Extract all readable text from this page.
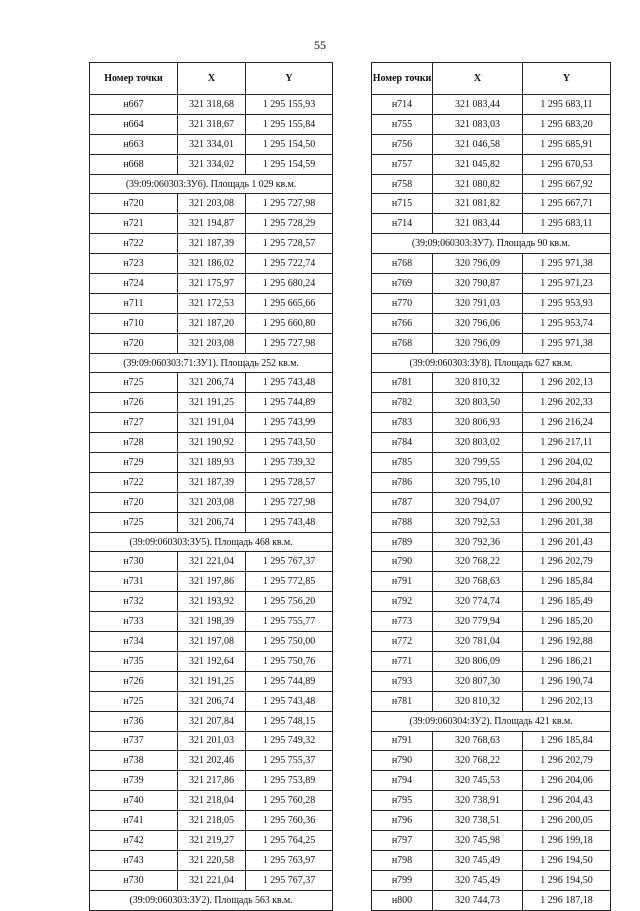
55
Номер точки	X	Y
н667	321 318,68	1 295 155,93
н664	321 318,67	1 295 155,84
н663	321 334,01	1 295 154,50
н668	321 334,02	1 295 154,59
(39:09:060303:ЗУ6). Площадь 1 029 кв.м.		
н720	321 203,08	1 295 727,98
н721	321 194,87	1 295 728,29
н722	321 187,39	1 295 728,57
н723	321 186,02	1 295 722,74
н724	321 175,97	1 295 680,24
н711	321 172,53	1 295 665,66
н710	321 187,20	1 295 660,80
н720	321 203,08	1 295 727,98
(39:09:060303:71:ЗУ1). Площадь 252 кв.м.		
н725	321 206,74	1 295 743,48
н726	321 191,25	1 295 744,89
н727	321 191,04	1 295 743,99
н728	321 190,92	1 295 743,50
н729	321 189,93	1 295 739,32
н722	321 187,39	1 295 728,57
н720	321 203,08	1 295 727,98
н725	321 206,74	1 295 743,48
(39:09:060303:ЗУ5). Площадь 468 кв.м.		
н730	321 221,04	1 295 767,37
н731	321 197,86	1 295 772,85
н732	321 193,92	1 295 756,20
н733	321 198,39	1 295 755,77
н734	321 197,08	1 295 750,00
н735	321 192,64	1 295 750,76
н726	321 191,25	1 295 744,89
н725	321 206,74	1 295 743,48
н736	321 207,84	1 295 748,15
н737	321 201,03	1 295 749,32
н738	321 202,46	1 295 755,37
н739	321 217,86	1 295 753,89
н740	321 218,04	1 295 760,28
н741	321 218,05	1 295 760,36
н742	321 219,27	1 295 764,25
н743	321 220,58	1 295 763,97
н730	321 221,04	1 295 767,37
(39:09:060303:ЗУ2). Площадь 563 кв.м.		
Номер точки	X	Y
н714	321 083,44	1 295 683,11
н755	321 083,03	1 295 683,20
н756	321 046,58	1 295 685,91
н757	321 045,82	1 295 670,53
н758	321 080,82	1 295 667,92
н715	321 081,82	1 295 667,71
н714	321 083,44	1 295 683,11
(39:09:060303:ЗУ7). Площадь 90 кв.м.		
н768	320 796,09	1 295 971,38
н769	320 790,87	1 295 971,23
н770	320 791,03	1 295 953,93
н766	320 796,06	1 295 953,74
н768	320 796,09	1 295 971,38
(39:09:060303:ЗУ8). Площадь 627 кв.м.		
н781	320 810,32	1 296 202,13
н782	320 803,50	1 296 202,33
н783	320 806,93	1 296 216,24
н784	320 803,02	1 296 217,11
н785	320 799,55	1 296 204,02
н786	320 795,10	1 296 204,81
н787	320 794,07	1 296 200,92
н788	320 792,53	1 296 201,38
н789	320 792,36	1 296 201,43
н790	320 768,22	1 296 202,79
н791	320 768,63	1 296 185,84
н792	320 774,74	1 296 185,49
н773	320 779,94	1 296 185,20
н772	320 781,04	1 296 192,88
н771	320 806,09	1 296 186,21
н793	320 807,30	1 296 190,74
н781	320 810,32	1 296 202,13
(39:09:060304:ЗУ2). Площадь 421 кв.м.		
н791	320 768,63	1 296 185,84
н790	320 768,22	1 296 202,79
н794	320 745,53	1 296 204,06
н795	320 738,91	1 296 204,43
н796	320 738,51	1 296 200,05
н797	320 745,98	1 296 199,18
н798	320 745,49	1 296 194,50
н799	320 745,49	1 296 194,50
н800	320 744,73	1 296 187,18
